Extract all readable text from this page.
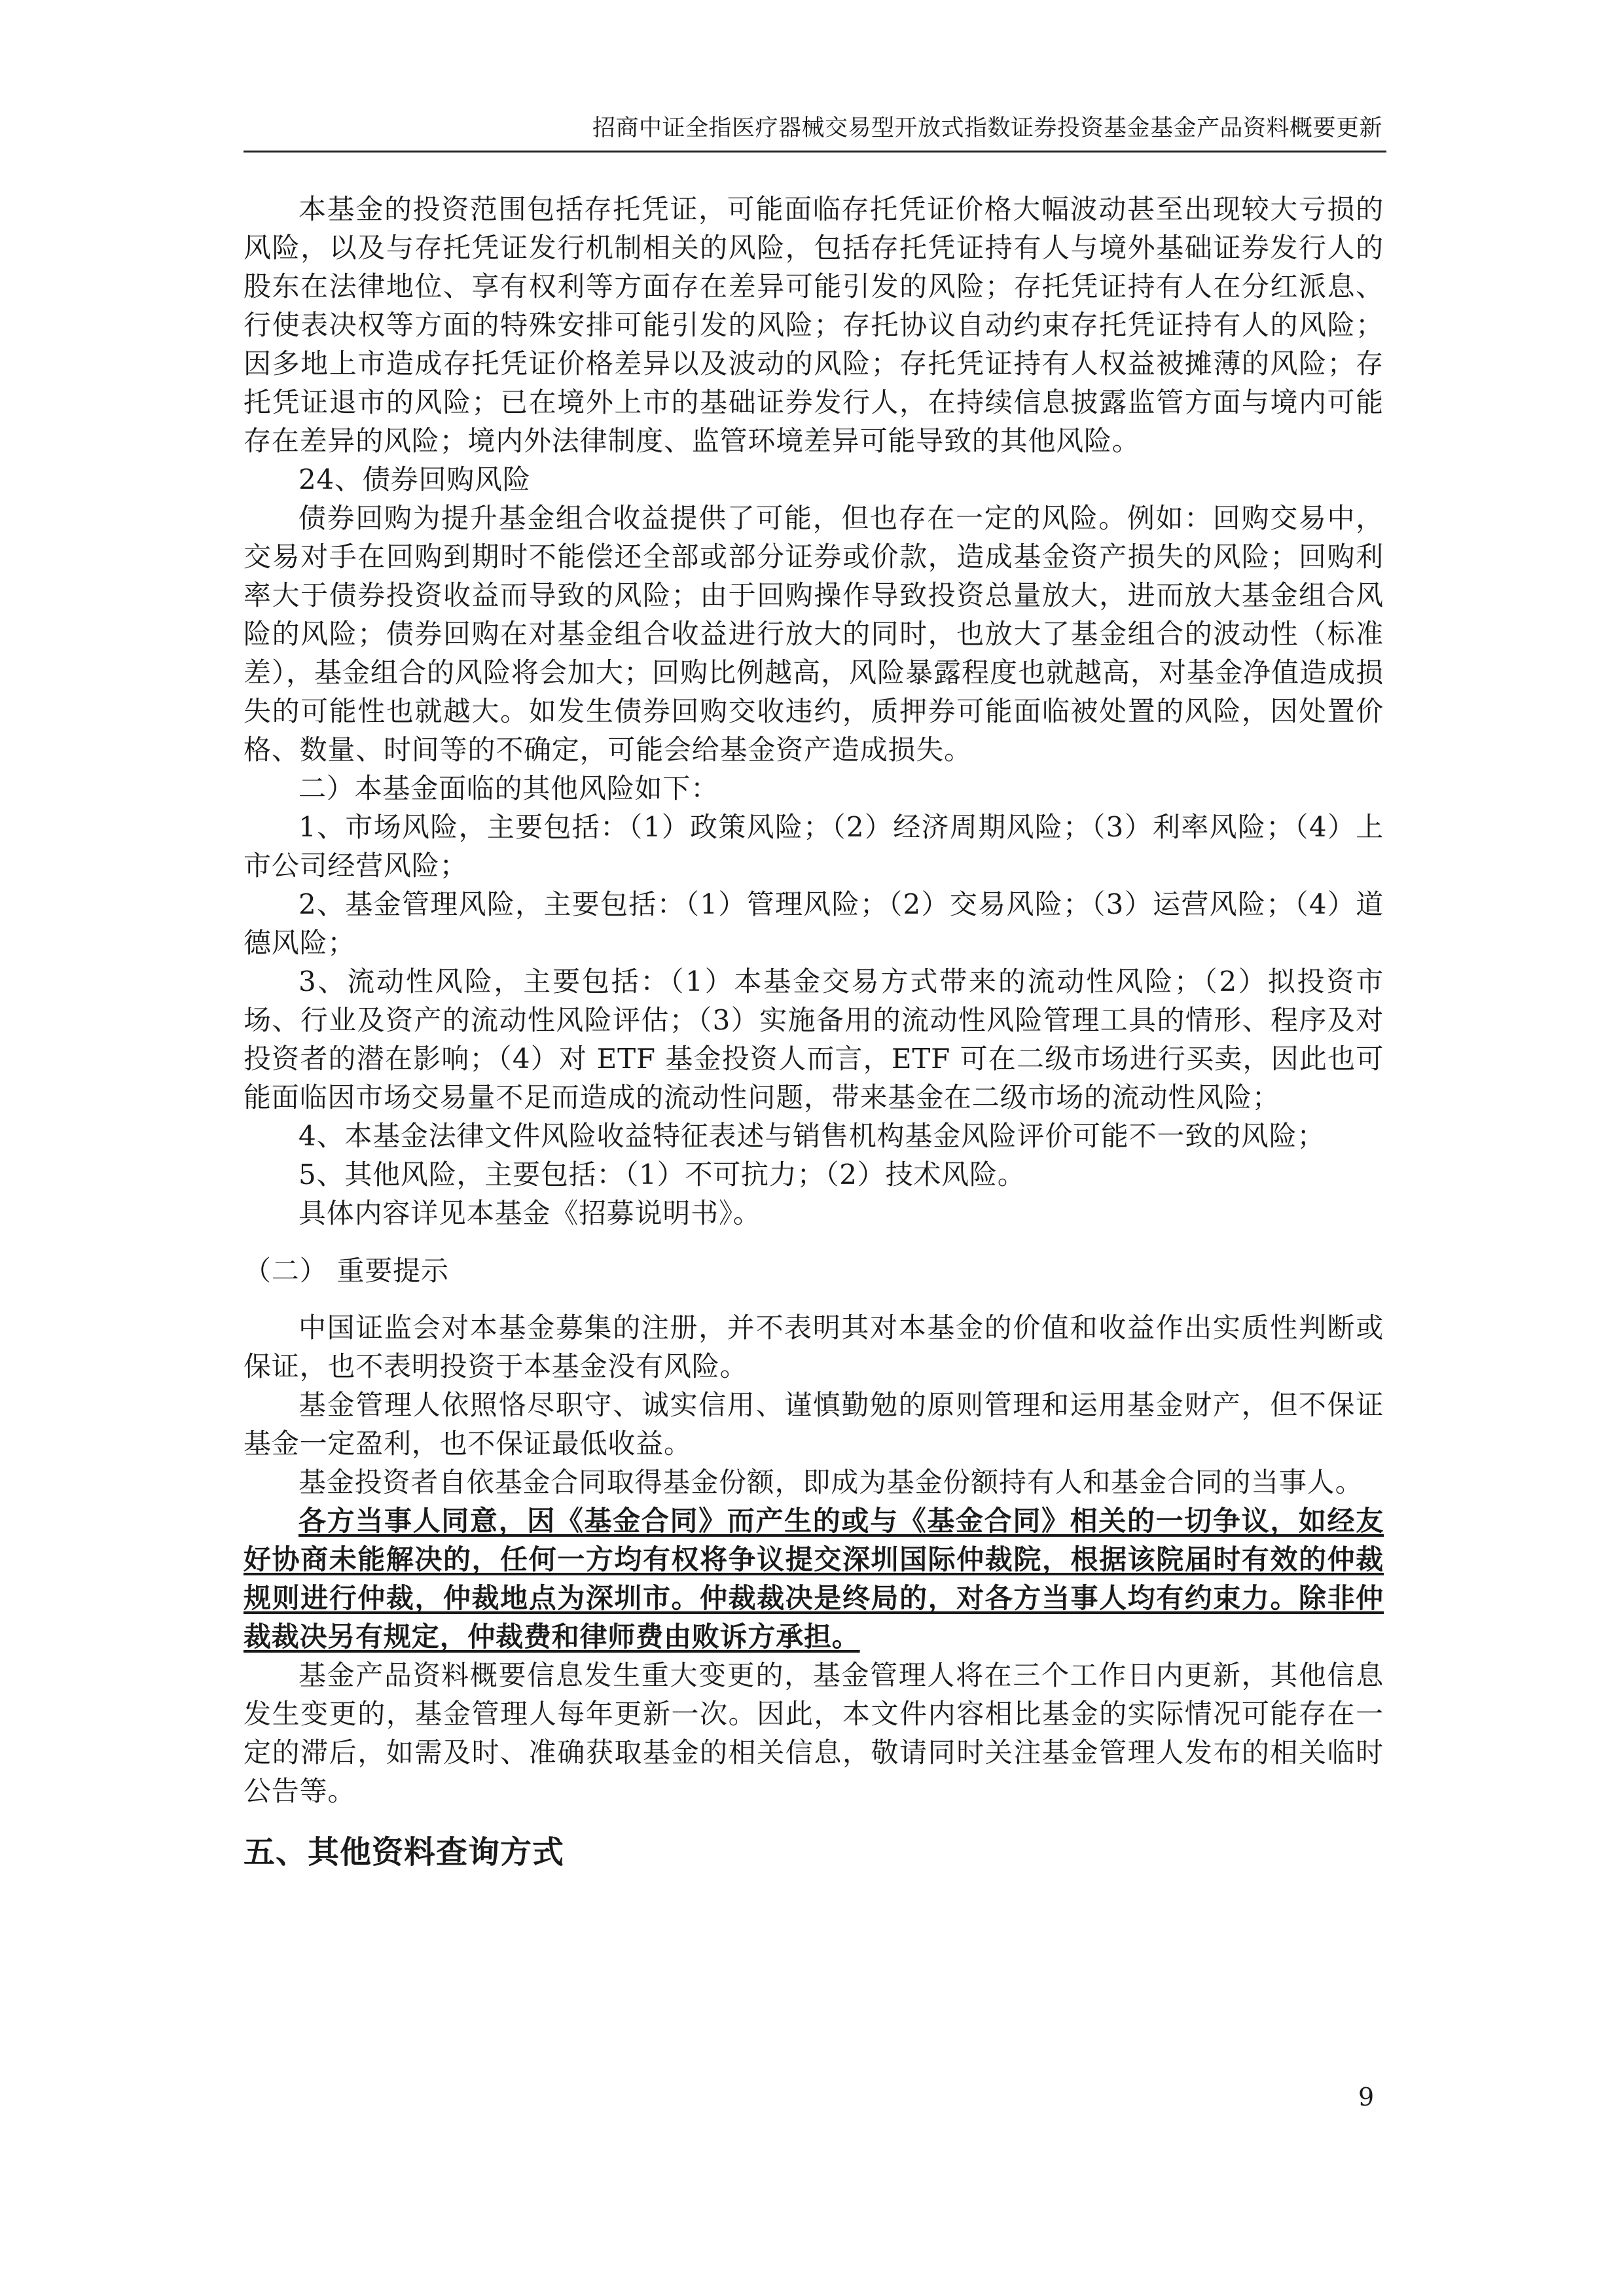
招商中证全指医疗器械交易型开放式指数证券投资基金基金产品资料概要更新

本基金的投资范围包括存托凭证，可能面临存托凭证价格大幅波动甚至出现较大亏损的风险，以及与存托凭证发行机制相关的风险，包括存托凭证持有人与境外基础证券发行人的股东在法律地位、享有权利等方面存在差异可能引发的风险；存托凭证持有人在分红派息、行使表决权等方面的特殊安排可能引发的风险；存托协议自动约束存托凭证持有人的风险；因多地上市造成存托凭证价格差异以及波动的风险；存托凭证持有人权益被摊薄的风险；存托凭证退市的风险；已在境外上市的基础证券发行人，在持续信息披露监管方面与境内可能存在差异的风险；境内外法律制度、监管环境差异可能导致的其他风险。

24、债券回购风险

债券回购为提升基金组合收益提供了可能，但也存在一定的风险。例如：回购交易中，交易对手在回购到期时不能偿还全部或部分证券或价款，造成基金资产损失的风险；回购利率大于债券投资收益而导致的风险；由于回购操作导致投资总量放大，进而放大基金组合风险的风险；债券回购在对基金组合收益进行放大的同时，也放大了基金组合的波动性（标准差），基金组合的风险将会加大；回购比例越高，风险暴露程度也就越高，对基金净值造成损失的可能性也就越大。如发生债券回购交收违约，质押券可能面临被处置的风险，因处置价格、数量、时间等的不确定，可能会给基金资产造成损失。

二）本基金面临的其他风险如下：

1、市场风险，主要包括：（1）政策风险；（2）经济周期风险；（3）利率风险；（4）上市公司经营风险；

2、基金管理风险，主要包括：（1）管理风险；（2）交易风险；（3）运营风险；（4）道德风险；

3、流动性风险，主要包括：（1）本基金交易方式带来的流动性风险；（2）拟投资市场、行业及资产的流动性风险评估；（3）实施备用的流动性风险管理工具的情形、程序及对投资者的潜在影响；（4）对 ETF 基金投资人而言，ETF 可在二级市场进行买卖，因此也可能面临因市场交易量不足而造成的流动性问题，带来基金在二级市场的流动性风险；

4、本基金法律文件风险收益特征表述与销售机构基金风险评价可能不一致的风险；

5、其他风险，主要包括：（1）不可抗力；（2）技术风险。

具体内容详见本基金《招募说明书》。

（二） 重要提示

中国证监会对本基金募集的注册，并不表明其对本基金的价值和收益作出实质性判断或保证，也不表明投资于本基金没有风险。

基金管理人依照恪尽职守、诚实信用、谨慎勤勉的原则管理和运用基金财产，但不保证基金一定盈利，也不保证最低收益。

基金投资者自依基金合同取得基金份额，即成为基金份额持有人和基金合同的当事人。

各方当事人同意，因《基金合同》而产生的或与《基金合同》相关的一切争议，如经友好协商未能解决的，任何一方均有权将争议提交深圳国际仲裁院，根据该院届时有效的仲裁规则进行仲裁，仲裁地点为深圳市。仲裁裁决是终局的，对各方当事人均有约束力。除非仲裁裁决另有规定，仲裁费和律师费由败诉方承担。

基金产品资料概要信息发生重大变更的，基金管理人将在三个工作日内更新，其他信息发生变更的，基金管理人每年更新一次。因此，本文件内容相比基金的实际情况可能存在一定的滞后，如需及时、准确获取基金的相关信息，敬请同时关注基金管理人发布的相关临时公告等。

五、其他资料查询方式
9
